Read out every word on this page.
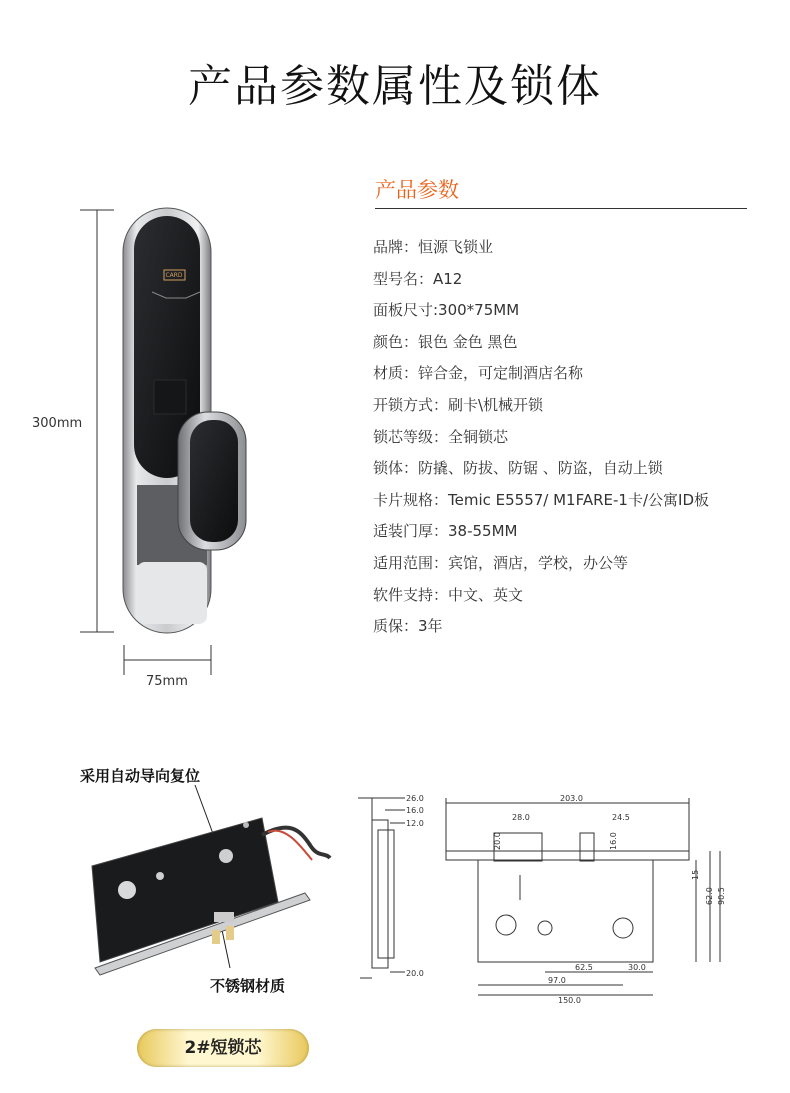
产品参数属性及锁体
CARD
300mm
75mm
产品参数
品牌：恒源飞锁业
型号名：A12
面板尺寸:300*75MM
颜色：银色 金色 黑色
材质：锌合金，可定制酒店名称
开锁方式：刷卡\机械开锁
锁芯等级：全铜锁芯
锁体：防撬、防拔、防锯 、防盗，自动上锁
卡片规格：Temic E5557/ M1FARE-1卡/公寓ID板
适装门厚：38-55MM
适用范围：宾馆，酒店，学校，办公等
软件支持：中文、英文
质保：3年
采用自动导向复位
不锈钢材质
2#短锁芯
26.0
16.0
12.0
20.0
203.0
28.0	24.5
20.0	16.0
15
62.0 90.5
62.5	30.0
97.0
150.0
